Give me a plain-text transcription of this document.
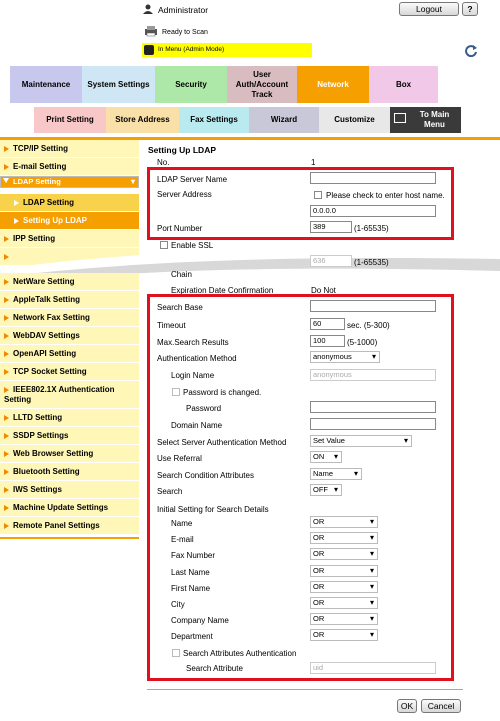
Administrator	Logout	?
Ready to Scan
In Menu (Admin Mode)
Maintenance	System Settings	Security
User Auth/Account Track
Network	Box
Print Setting	Store Address	Fax Settings	Wizard	Customize
To Main Menu
TCP/IP Setting
E-mail Setting
LDAP Setting ▾
LDAP Setting
Setting Up LDAP
IPP Setting
NetWare Setting
AppleTalk Setting
Network Fax Setting
WebDAV Settings
OpenAPI Setting
TCP Socket Setting
IEEE802.1X Authentication Setting
LLTD Setting
SSDP Settings
Web Browser Setting
Bluetooth Setting
IWS Settings
Machine Update Settings
Remote Panel Settings
Setting Up LDAP
No.	1
LDAP Server Name
Server Address	Please check to enter host name.
0.0.0.0
Port Number	389	(1-65535)
Enable SSL
636	(1-65535)
Chain
Expiration Date Confirmation	Do Not
Search Base
Timeout	60	sec. (5-300)
Max.Search Results	100	(5-1000)
Authentication Method	anonymous ▾
Login Name	anonymous
Password is changed.
Password
Domain Name
Select Server Authentication Method	Set Value ▾
Use Referral	ON ▾
Search Condition Attributes	Name ▾
Search	OFF ▾
Initial Setting for Search Details
Name	OR ▾
E-mail	OR ▾
Fax Number	OR ▾
Last Name	OR ▾
First Name	OR ▾
City	OR ▾
Company Name	OR ▾
Department	OR ▾
Search Attributes Authentication
Search Attribute	uid
OK	Cancel
